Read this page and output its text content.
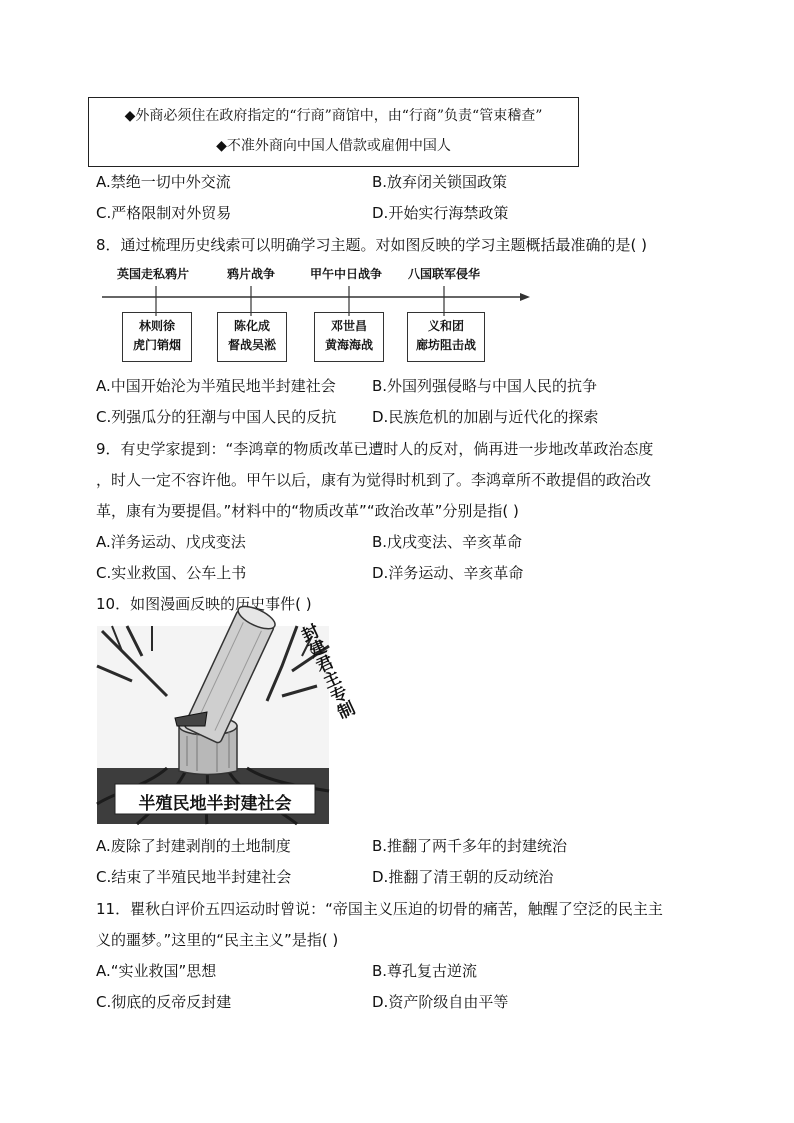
◆外商必须住在政府指定的“行商”商馆中，由“行商”负责“管束稽查”
◆不准外商向中国人借款或雇佣中国人
A.禁绝一切中外交流	B.放弃闭关锁国政策
C.严格限制对外贸易	D.开始实行海禁政策
8．通过梳理历史线索可以明确学习主题。对如图反映的学习主题概括最准确的是( )
英国走私鸦片	鸦片战争	甲午中日战争 八国联军侵华
林则徐
虎门销烟
陈化成
督战吴淞
邓世昌
黄海海战
义和团
廊坊阻击战
A.中国开始沦为半殖民地半封建社会 B.外国列强侵略与中国人民的抗争
C.列强瓜分的狂潮与中国人民的反抗 D.民族危机的加剧与近代化的探索
9．有史学家提到：“李鸿章的物质改革已遭时人的反对，倘再进一步地改革政治态度
，时人一定不容许他。甲午以后，康有为觉得时机到了。李鸿章所不敢提倡的政治改
革，康有为要提倡。”材料中的“物质改革”“政治改革”分别是指( )
A.洋务运动、戊戌变法	B.戊戌变法、辛亥革命
C.实业救国、公车上书	D.洋务运动、辛亥革命
10．如图漫画反映的历史事件( )
封建君主专制
半殖民地半封建社会
A.废除了封建剥削的土地制度	B.推翻了两千多年的封建统治
C.结束了半殖民地半封建社会	D.推翻了清王朝的反动统治
11．瞿秋白评价五四运动时曾说：“帝国主义压迫的切骨的痛苦，触醒了空泛的民主主
义的噩梦。”这里的“民主主义”是指( )
A.“实业救国”思想	B.尊孔复古逆流
C.彻底的反帝反封建	D.资产阶级自由平等
